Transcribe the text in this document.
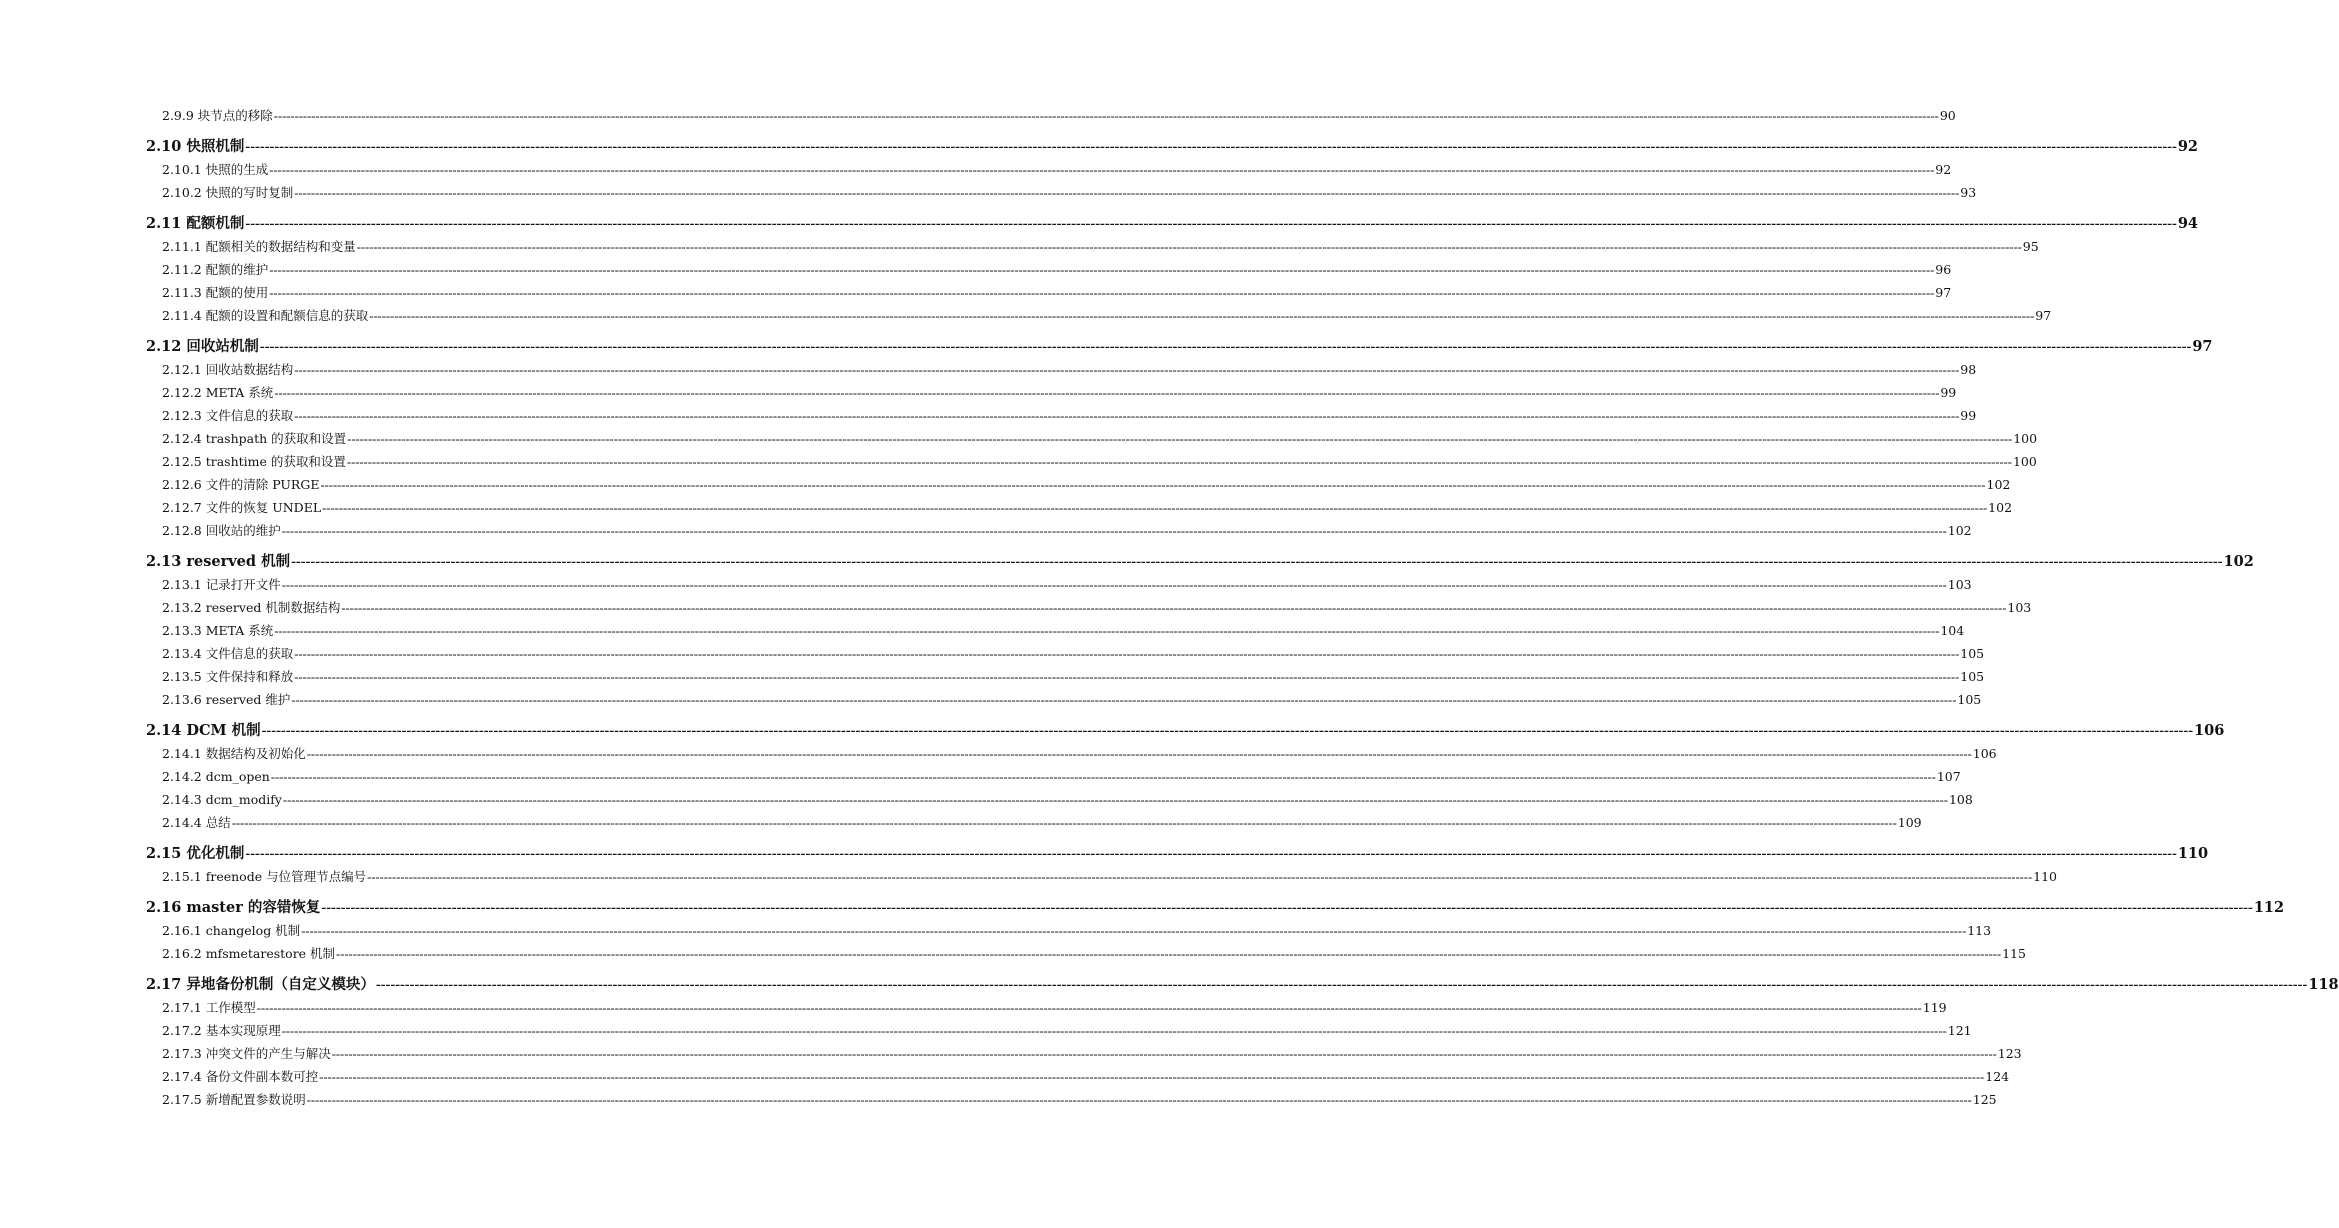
2.9.9 块节点的移除 ---------------------------------------------------------------------------------------------------------------------------------------------------------------------------------------------------------------------------------------------------------------------------------------------------------------------------------------------------------------------------------------------------------------- 90
2.10 快照机制 ---------------------------------------------------------------------------------------------------------------------------------------------------------------------------------------------------------------------------------------------------------------------------------------------------------------------------------------------------------------------------------------------------------------- 92
2.10.1 快照的生成 ---------------------------------------------------------------------------------------------------------------------------------------------------------------------------------------------------------------------------------------------------------------------------------------------------------------------------------------------------------------------------------------------------------------- 92
2.10.2 快照的写时复制 ---------------------------------------------------------------------------------------------------------------------------------------------------------------------------------------------------------------------------------------------------------------------------------------------------------------------------------------------------------------------------------------------------------------- 93
2.11 配额机制 ---------------------------------------------------------------------------------------------------------------------------------------------------------------------------------------------------------------------------------------------------------------------------------------------------------------------------------------------------------------------------------------------------------------- 94
2.11.1 配额相关的数据结构和变量 ---------------------------------------------------------------------------------------------------------------------------------------------------------------------------------------------------------------------------------------------------------------------------------------------------------------------------------------------------------------------------------------------------------------- 95
2.11.2 配额的维护 ---------------------------------------------------------------------------------------------------------------------------------------------------------------------------------------------------------------------------------------------------------------------------------------------------------------------------------------------------------------------------------------------------------------- 96
2.11.3 配额的使用 ---------------------------------------------------------------------------------------------------------------------------------------------------------------------------------------------------------------------------------------------------------------------------------------------------------------------------------------------------------------------------------------------------------------- 97
2.11.4 配额的设置和配额信息的获取 ---------------------------------------------------------------------------------------------------------------------------------------------------------------------------------------------------------------------------------------------------------------------------------------------------------------------------------------------------------------------------------------------------------------- 97
2.12 回收站机制 ---------------------------------------------------------------------------------------------------------------------------------------------------------------------------------------------------------------------------------------------------------------------------------------------------------------------------------------------------------------------------------------------------------------- 97
2.12.1 回收站数据结构 ---------------------------------------------------------------------------------------------------------------------------------------------------------------------------------------------------------------------------------------------------------------------------------------------------------------------------------------------------------------------------------------------------------------- 98
2.12.2 META 系统 ---------------------------------------------------------------------------------------------------------------------------------------------------------------------------------------------------------------------------------------------------------------------------------------------------------------------------------------------------------------------------------------------------------------- 99
2.12.3 文件信息的获取 ---------------------------------------------------------------------------------------------------------------------------------------------------------------------------------------------------------------------------------------------------------------------------------------------------------------------------------------------------------------------------------------------------------------- 99
2.12.4 trashpath 的获取和设置 ---------------------------------------------------------------------------------------------------------------------------------------------------------------------------------------------------------------------------------------------------------------------------------------------------------------------------------------------------------------------------------------------------------------- 100
2.12.5 trashtime 的获取和设置 ---------------------------------------------------------------------------------------------------------------------------------------------------------------------------------------------------------------------------------------------------------------------------------------------------------------------------------------------------------------------------------------------------------------- 100
2.12.6 文件的清除 PURGE ---------------------------------------------------------------------------------------------------------------------------------------------------------------------------------------------------------------------------------------------------------------------------------------------------------------------------------------------------------------------------------------------------------------- 102
2.12.7 文件的恢复 UNDEL ---------------------------------------------------------------------------------------------------------------------------------------------------------------------------------------------------------------------------------------------------------------------------------------------------------------------------------------------------------------------------------------------------------------- 102
2.12.8 回收站的维护 ---------------------------------------------------------------------------------------------------------------------------------------------------------------------------------------------------------------------------------------------------------------------------------------------------------------------------------------------------------------------------------------------------------------- 102
2.13 reserved 机制 ---------------------------------------------------------------------------------------------------------------------------------------------------------------------------------------------------------------------------------------------------------------------------------------------------------------------------------------------------------------------------------------------------------------- 102
2.13.1 记录打开文件 ---------------------------------------------------------------------------------------------------------------------------------------------------------------------------------------------------------------------------------------------------------------------------------------------------------------------------------------------------------------------------------------------------------------- 103
2.13.2 reserved 机制数据结构 ---------------------------------------------------------------------------------------------------------------------------------------------------------------------------------------------------------------------------------------------------------------------------------------------------------------------------------------------------------------------------------------------------------------- 103
2.13.3 META 系统 ---------------------------------------------------------------------------------------------------------------------------------------------------------------------------------------------------------------------------------------------------------------------------------------------------------------------------------------------------------------------------------------------------------------- 104
2.13.4 文件信息的获取 ---------------------------------------------------------------------------------------------------------------------------------------------------------------------------------------------------------------------------------------------------------------------------------------------------------------------------------------------------------------------------------------------------------------- 105
2.13.5 文件保持和释放 ---------------------------------------------------------------------------------------------------------------------------------------------------------------------------------------------------------------------------------------------------------------------------------------------------------------------------------------------------------------------------------------------------------------- 105
2.13.6 reserved 维护 ---------------------------------------------------------------------------------------------------------------------------------------------------------------------------------------------------------------------------------------------------------------------------------------------------------------------------------------------------------------------------------------------------------------- 105
2.14 DCM 机制 ---------------------------------------------------------------------------------------------------------------------------------------------------------------------------------------------------------------------------------------------------------------------------------------------------------------------------------------------------------------------------------------------------------------- 106
2.14.1 数据结构及初始化 ---------------------------------------------------------------------------------------------------------------------------------------------------------------------------------------------------------------------------------------------------------------------------------------------------------------------------------------------------------------------------------------------------------------- 106
2.14.2 dcm_open ---------------------------------------------------------------------------------------------------------------------------------------------------------------------------------------------------------------------------------------------------------------------------------------------------------------------------------------------------------------------------------------------------------------- 107
2.14.3 dcm_modify ---------------------------------------------------------------------------------------------------------------------------------------------------------------------------------------------------------------------------------------------------------------------------------------------------------------------------------------------------------------------------------------------------------------- 108
2.14.4 总结 ---------------------------------------------------------------------------------------------------------------------------------------------------------------------------------------------------------------------------------------------------------------------------------------------------------------------------------------------------------------------------------------------------------------- 109
2.15 优化机制 ---------------------------------------------------------------------------------------------------------------------------------------------------------------------------------------------------------------------------------------------------------------------------------------------------------------------------------------------------------------------------------------------------------------- 110
2.15.1 freenode 与位管理节点编号 ---------------------------------------------------------------------------------------------------------------------------------------------------------------------------------------------------------------------------------------------------------------------------------------------------------------------------------------------------------------------------------------------------------------- 110
2.16 master 的容错恢复 ---------------------------------------------------------------------------------------------------------------------------------------------------------------------------------------------------------------------------------------------------------------------------------------------------------------------------------------------------------------------------------------------------------------- 112
2.16.1 changelog 机制 ---------------------------------------------------------------------------------------------------------------------------------------------------------------------------------------------------------------------------------------------------------------------------------------------------------------------------------------------------------------------------------------------------------------- 113
2.16.2 mfsmetarestore 机制 ---------------------------------------------------------------------------------------------------------------------------------------------------------------------------------------------------------------------------------------------------------------------------------------------------------------------------------------------------------------------------------------------------------------- 115
2.17 异地备份机制（自定义模块） ---------------------------------------------------------------------------------------------------------------------------------------------------------------------------------------------------------------------------------------------------------------------------------------------------------------------------------------------------------------------------------------------------------------- 118
2.17.1 工作模型 ---------------------------------------------------------------------------------------------------------------------------------------------------------------------------------------------------------------------------------------------------------------------------------------------------------------------------------------------------------------------------------------------------------------- 119
2.17.2 基本实现原理 ---------------------------------------------------------------------------------------------------------------------------------------------------------------------------------------------------------------------------------------------------------------------------------------------------------------------------------------------------------------------------------------------------------------- 121
2.17.3 冲突文件的产生与解决 ---------------------------------------------------------------------------------------------------------------------------------------------------------------------------------------------------------------------------------------------------------------------------------------------------------------------------------------------------------------------------------------------------------------- 123
2.17.4 备份文件副本数可控 ---------------------------------------------------------------------------------------------------------------------------------------------------------------------------------------------------------------------------------------------------------------------------------------------------------------------------------------------------------------------------------------------------------------- 124
2.17.5 新增配置参数说明 ---------------------------------------------------------------------------------------------------------------------------------------------------------------------------------------------------------------------------------------------------------------------------------------------------------------------------------------------------------------------------------------------------------------- 125
